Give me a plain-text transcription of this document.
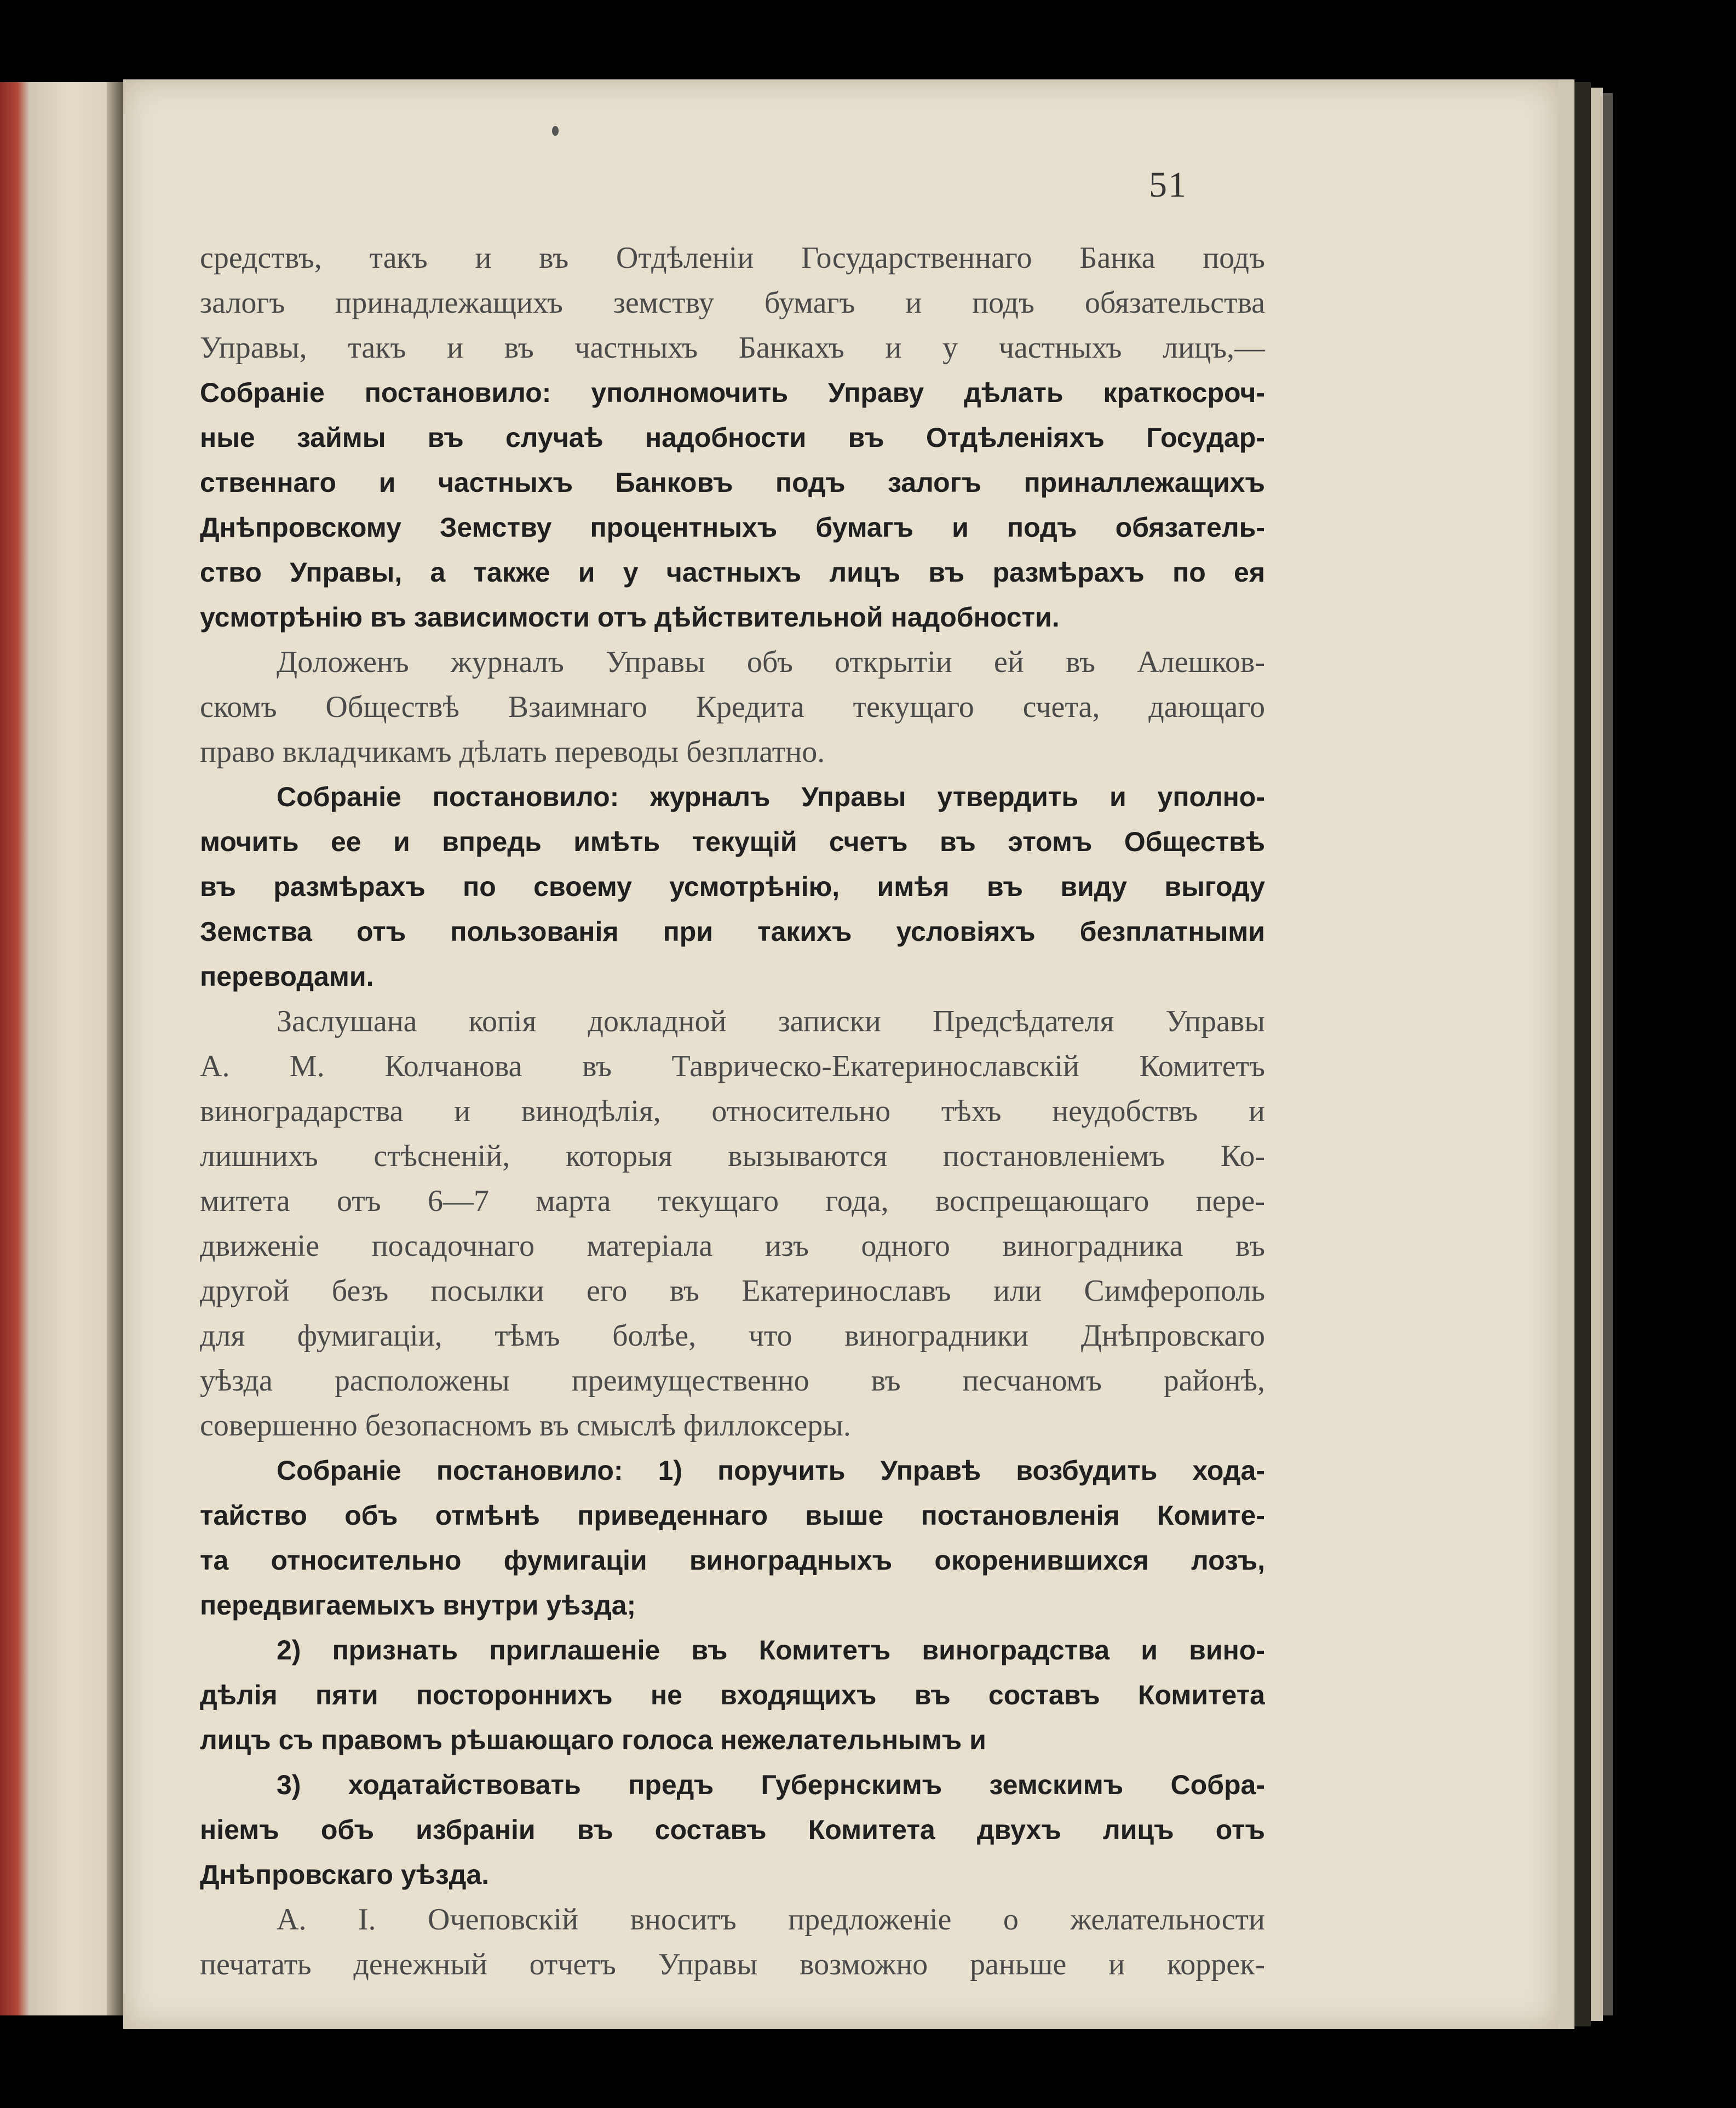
51
средствъ, такъ и въ Отдѣленіи Государственнаго Банка подъ
залогъ принадлежащихъ земству бумагъ и подъ обязательства
Управы, такъ и въ частныхъ Банкахъ и у частныхъ лицъ,—
Собраніе постановило: уполномочить Управу дѣлать краткосроч-
ные займы въ случаѣ надобности въ Отдѣленіяхъ Государ-
ственнаго и частныхъ Банковъ подъ залогъ приналлежащихъ
Днѣпровскому Земству процентныхъ бумагъ и подъ обязатель-
ство Управы, а также и у частныхъ лицъ въ размѣрахъ по ея
усмотрѣнію въ зависимости отъ дѣйствительной надобности.
Доложенъ журналъ Управы объ открытіи ей въ Алешков-
скомъ Обществѣ Взаимнаго Кредита текущаго счета, дающаго
право вкладчикамъ дѣлать переводы безплатно.
Собраніе постановило: журналъ Управы утвердить и уполно-
мочить ее и впредь имѣть текущій счетъ въ этомъ Обществѣ
въ размѣрахъ по своему усмотрѣнію, имѣя въ виду выгоду
Земства отъ пользованія при такихъ условіяхъ безплатными
переводами.
Заслушана копія докладной записки Предсѣдателя Управы
А. М. Колчанова въ Таврическо-Екатеринославскій Комитетъ
виноградарства и винодѣлія, относительно тѣхъ неудобствъ и
лишнихъ стѣсненій, которыя вызываются постановленіемъ Ко-
митета отъ 6—7 марта текущаго года, воспрещающаго пере-
движеніе посадочнаго матеріала изъ одного виноградника въ
другой безъ посылки его въ Екатеринославъ или Симферополь
для фумигаціи, тѣмъ болѣе, что виноградники Днѣпровскаго
уѣзда расположены преимущественно въ песчаномъ районѣ,
совершенно безопасномъ въ смыслѣ филлоксеры.
Собраніе постановило: 1) поручить Управѣ возбудить хода-
тайство объ отмѣнѣ приведеннаго выше постановленія Комите-
та относительно фумигаціи виноградныхъ окоренившихся лозъ,
передвигаемыхъ внутри уѣзда;
2) признать приглашеніе въ Комитетъ виноградства и вино-
дѣлія пяти постороннихъ не входящихъ въ составъ Комитета
лицъ съ правомъ рѣшающаго голоса нежелательнымъ и
3) ходатайствовать предъ Губернскимъ земскимъ Собра-
ніемъ объ избраніи въ составъ Комитета двухъ лицъ отъ
Днѣпровскаго уѣзда.
А. І. Очеповскій вноситъ предложеніе о желательности
печатать денежный отчетъ Управы возможно раньше и коррек-
